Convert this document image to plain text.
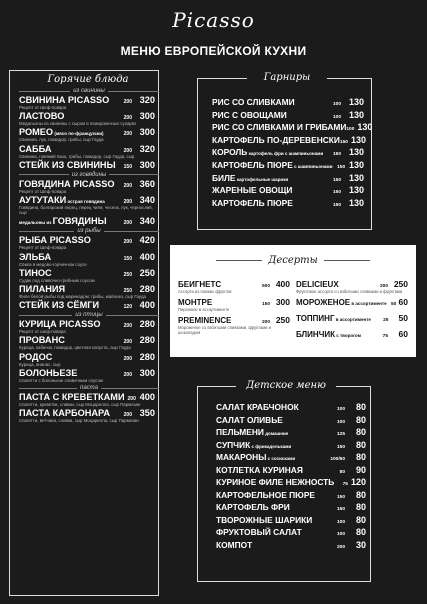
Picasso
МЕНЮ ЕВРОПЕЙСКОЙ КУХНИ
Горячие блюда
из свинины
СВИНИНА PICASSO	200 320
Рецепт от Шеф-повара
ЛАСТОВО	200 300
Медальоны из свинины с сыром в панировочных сухарях
РОМЕО (мясо по-французски)	200 300
Свинина, лук, помидор, грибы, сыр Гауда
САББА	200 320
Свинина, говяжий язык, грибы, помидор, сыр Гауда, сыр
СТЕЙК ИЗ СВИНИНЫ	150 300
из говядины
ГОВЯДИНА PICASSO	200 360
Рецепт от Шеф-повара
АУТУТАКИ острая говядина	200 340
Говядина, болгарский перец, перец чили, чеснок, лук, чернослив, сыр
медальоны из ГОВЯДИНЫ	200 340
из рыбы
РЫБА PICASSO	200 420
Рецепт от Шеф-повара
ЭЛЬБА	150 400
Сёмга в медово-горчичном соусе
ТИНОС	250 250
Судак под сливочно-грибным соусом
ПИЛАНИЯ	250 280
Филе белой рыбы под маринадом: грибы, майонез, сыр Гауда
СТЕЙК ИЗ СЁМГИ	120 400
из птицы
КУРИЦА PICASSO	200 280
Рецепт от шеф-повара
ПРОВАНС	200 280
Курица, кабачок, помидор, цветная капуста, сыр Гауда
РОДОС	200 280
Курица, ананас, сыр
БОЛОНЬЕЗЕ	200 300
Спагетти с болоньезе сливочным соусом
паста
ПАСТА С КРЕВЕТКАМИ 200 400
Спагетти, креветки, сливки, сыр Моцарелла, сыр Пармезан
ПАСТА КАРБОНАРА	200 350
Спагетти, ветчина, сливки, сыр Моцарелла, сыр Пармезан
Гарниры
РИС СО СЛИВКАМИ	100 130
РИС С ОВОЩАМИ	100 130
РИС СО СЛИВКАМИ И ГРИБАМИ 100 130
КАРТОФЕЛЬ ПО-ДЕРЕВЕНСКИ 150 130
КОРОЛЬ картофель фри с шампиньонами	150 130
КАРТОФЕЛЬ ПЮРЕ с шампиньонами 150 130
БИЛЕ картофельные шарики	150 130
ЖАРЕНЫЕ ОВОЩИ	150 130
КАРТОФЕЛЬ ПЮРЕ	150 130
Десерты
БЕИГНЕТС	500 400
Ассорти из свежих фруктов
МОНТРЕ	150 300
Пирожное в ассортименте
PREMINENCE	200 250
Мороженое со взбитыми сливками, фруктами и шоколадом
DELICIEUX	200 250
Фруктовое ассорти со взбитыми сливками и фруктами
МОРОЖЕНОЕ в ассортименте 50 60
ТОППИНГ в ассортименте	25	50
БЛИНЧИК с творогом	75	60
Детское меню
САЛАТ КРАБЧОНОК	100	80
САЛАТ ОЛИВЬЕ	100	80
ПЕЛЬМЕНИ домашние	125	80
СУПЧИК с фрикадельками	150	80
МАКАРОНЫ с сосисками	100/50	80
КОТЛЕТКА КУРИНАЯ	80	90
КУРИНОЕ ФИЛЕ НЕЖНОСТЬ	75 120
КАРТОФЕЛЬНОЕ ПЮРЕ	150	80
КАРТОФЕЛЬ ФРИ	150	80
ТВОРОЖНЫЕ ШАРИКИ	100	80
ФРУКТОВЫЙ САЛАТ	100	80
КОМПОТ	200	30
